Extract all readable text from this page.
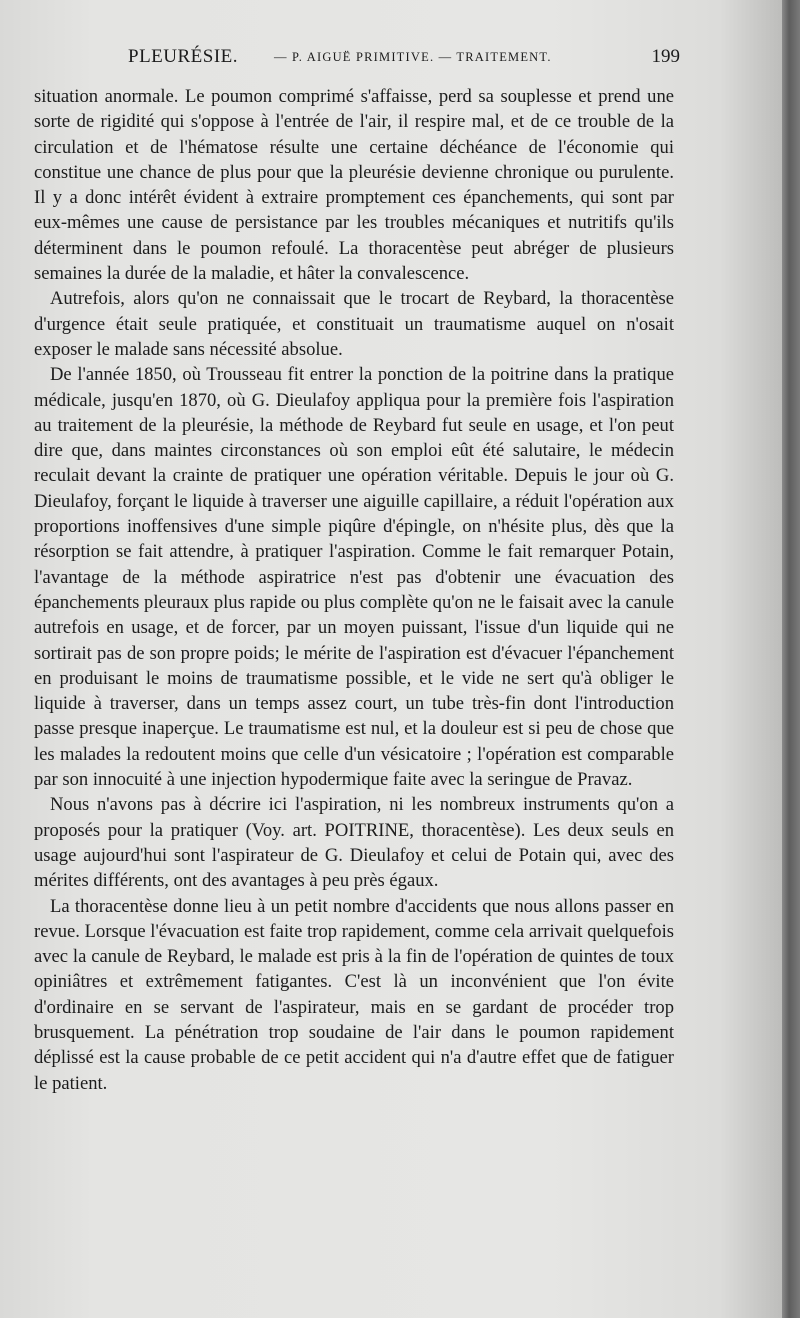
PLEURÉSIE.	— P. AIGUË PRIMITIVE. — TRAITEMENT.	199

situation anormale. Le poumon comprimé s'affaisse, perd sa souplesse et prend une sorte de rigidité qui s'oppose à l'entrée de l'air, il respire mal, et de ce trouble de la circulation et de l'hématose résulte une certaine déchéance de l'économie qui constitue une chance de plus pour que la pleurésie devienne chronique ou purulente. Il y a donc intérêt évident à extraire promptement ces épanchements, qui sont par eux-mêmes une cause de persistance par les troubles mécaniques et nutritifs qu'ils déterminent dans le poumon refoulé. La thoracentèse peut abréger de plusieurs semaines la durée de la maladie, et hâter la convalescence.

Autrefois, alors qu'on ne connaissait que le trocart de Reybard, la thoracentèse d'urgence était seule pratiquée, et constituait un traumatisme auquel on n'osait exposer le malade sans nécessité absolue.

De l'année 1850, où Trousseau fit entrer la ponction de la poitrine dans la pratique médicale, jusqu'en 1870, où G. Dieulafoy appliqua pour la première fois l'aspiration au traitement de la pleurésie, la méthode de Reybard fut seule en usage, et l'on peut dire que, dans maintes circonstances où son emploi eût été salutaire, le médecin reculait devant la crainte de pratiquer une opération véritable. Depuis le jour où G. Dieulafoy, forçant le liquide à traverser une aiguille capillaire, a réduit l'opération aux proportions inoffensives d'une simple piqûre d'épingle, on n'hésite plus, dès que la résorption se fait attendre, à pratiquer l'aspiration. Comme le fait remarquer Potain, l'avantage de la méthode aspiratrice n'est pas d'obtenir une évacuation des épanchements pleuraux plus rapide ou plus complète qu'on ne le faisait avec la canule autrefois en usage, et de forcer, par un moyen puissant, l'issue d'un liquide qui ne sortirait pas de son propre poids; le mérite de l'aspiration est d'évacuer l'épanchement en produisant le moins de traumatisme possible, et le vide ne sert qu'à obliger le liquide à traverser, dans un temps assez court, un tube très-fin dont l'introduction passe presque inaperçue. Le traumatisme est nul, et la douleur est si peu de chose que les malades la redoutent moins que celle d'un vésicatoire ; l'opération est comparable par son innocuité à une injection hypodermique faite avec la seringue de Pravaz.

Nous n'avons pas à décrire ici l'aspiration, ni les nombreux instruments qu'on a proposés pour la pratiquer (Voy. art. POITRINE, thoracentèse). Les deux seuls en usage aujourd'hui sont l'aspirateur de G. Dieulafoy et celui de Potain qui, avec des mérites différents, ont des avantages à peu près égaux.

La thoracentèse donne lieu à un petit nombre d'accidents que nous allons passer en revue. Lorsque l'évacuation est faite trop rapidement, comme cela arrivait quelquefois avec la canule de Reybard, le malade est pris à la fin de l'opération de quintes de toux opiniâtres et extrêmement fatigantes. C'est là un inconvénient que l'on évite d'ordinaire en se servant de l'aspirateur, mais en se gardant de procéder trop brusquement. La pénétration trop soudaine de l'air dans le poumon rapidement déplissé est la cause probable de ce petit accident qui n'a d'autre effet que de fatiguer le patient.
